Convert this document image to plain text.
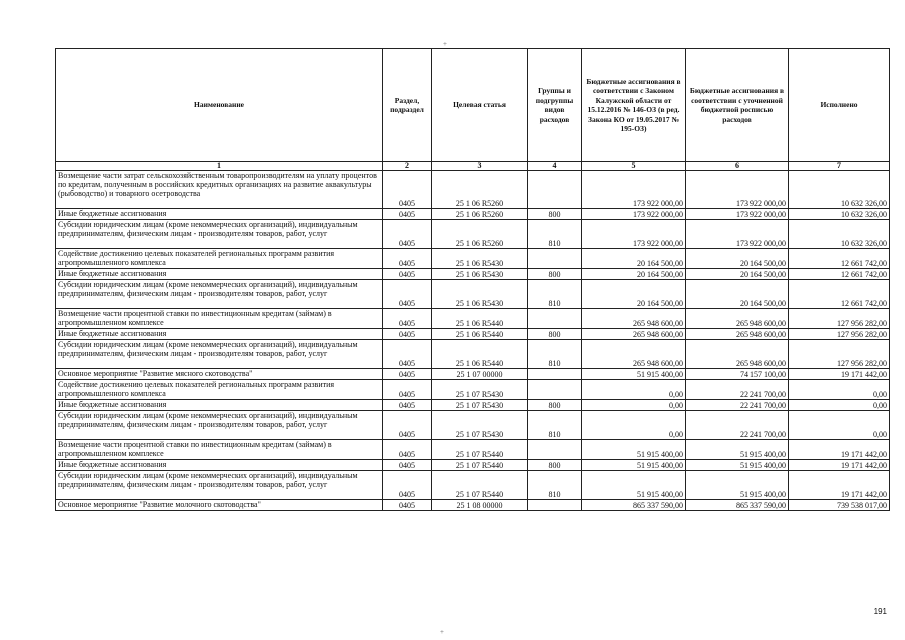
+
Наименование	Раздел, подраздел	Целевая статья	Группы и подгруппы видов расходов	Бюджетные ассигнования в соответствии с Законом Калужской области от 15.12.2016 № 146-ОЗ (в ред. Закона КО от 19.05.2017 № 195-ОЗ)	Бюджетные ассигнования в соответствии с уточненной бюджетной росписью расходов	Исполнено
1	2	3	4	5	6	7
Возмещение части затрат сельскохозяйственным товаропроизводителям на уплату процентов по кредитам, полученным в российских кредитных организациях на развитие аквакультуры (рыбоводство) и товарного осетроводства	0405	25 1 06 R5260		173 922 000,00	173 922 000,00	10 632 326,00
Иные бюджетные ассигнования	0405	25 1 06 R5260	800	173 922 000,00	173 922 000,00	10 632 326,00
Субсидии юридическим лицам (кроме некоммерческих организаций), индивидуальным предпринимателям, физическим лицам - производителям товаров, работ, услуг	0405	25 1 06 R5260	810	173 922 000,00	173 922 000,00	10 632 326,00
Содействие достижению целевых показателей региональных программ развития агропромышленного комплекса	0405	25 1 06 R5430		20 164 500,00	20 164 500,00	12 661 742,00
Иные бюджетные ассигнования	0405	25 1 06 R5430	800	20 164 500,00	20 164 500,00	12 661 742,00
Субсидии юридическим лицам (кроме некоммерческих организаций), индивидуальным предпринимателям, физическим лицам - производителям товаров, работ, услуг	0405	25 1 06 R5430	810	20 164 500,00	20 164 500,00	12 661 742,00
Возмещение части процентной ставки по инвестиционным кредитам (займам) в агропромышленном комплексе	0405	25 1 06 R5440		265 948 600,00	265 948 600,00	127 956 282,00
Иные бюджетные ассигнования	0405	25 1 06 R5440	800	265 948 600,00	265 948 600,00	127 956 282,00
Субсидии юридическим лицам (кроме некоммерческих организаций), индивидуальным предпринимателям, физическим лицам - производителям товаров, работ, услуг	0405	25 1 06 R5440	810	265 948 600,00	265 948 600,00	127 956 282,00
Основное мероприятие "Развитие мясного скотоводства"	0405	25 1 07 00000		51 915 400,00	74 157 100,00	19 171 442,00
Содействие достижению целевых показателей региональных программ развития агропромышленного комплекса	0405	25 1 07 R5430		0,00	22 241 700,00	0,00
Иные бюджетные ассигнования	0405	25 1 07 R5430	800	0,00	22 241 700,00	0,00
Субсидии юридическим лицам (кроме некоммерческих организаций), индивидуальным предпринимателям, физическим лицам - производителям товаров, работ, услуг	0405	25 1 07 R5430	810	0,00	22 241 700,00	0,00
Возмещение части процентной ставки по инвестиционным кредитам (займам) в агропромышленном комплексе	0405	25 1 07 R5440		51 915 400,00	51 915 400,00	19 171 442,00
Иные бюджетные ассигнования	0405	25 1 07 R5440	800	51 915 400,00	51 915 400,00	19 171 442,00
Субсидии юридическим лицам (кроме некоммерческих организаций), индивидуальным предпринимателям, физическим лицам - производителям товаров, работ, услуг	0405	25 1 07 R5440	810	51 915 400,00	51 915 400,00	19 171 442,00
Основное мероприятие "Развитие молочного скотоводства"	0405	25 1 08 00000		865 337 590,00	865 337 590,00	739 538 017,00
191
+
